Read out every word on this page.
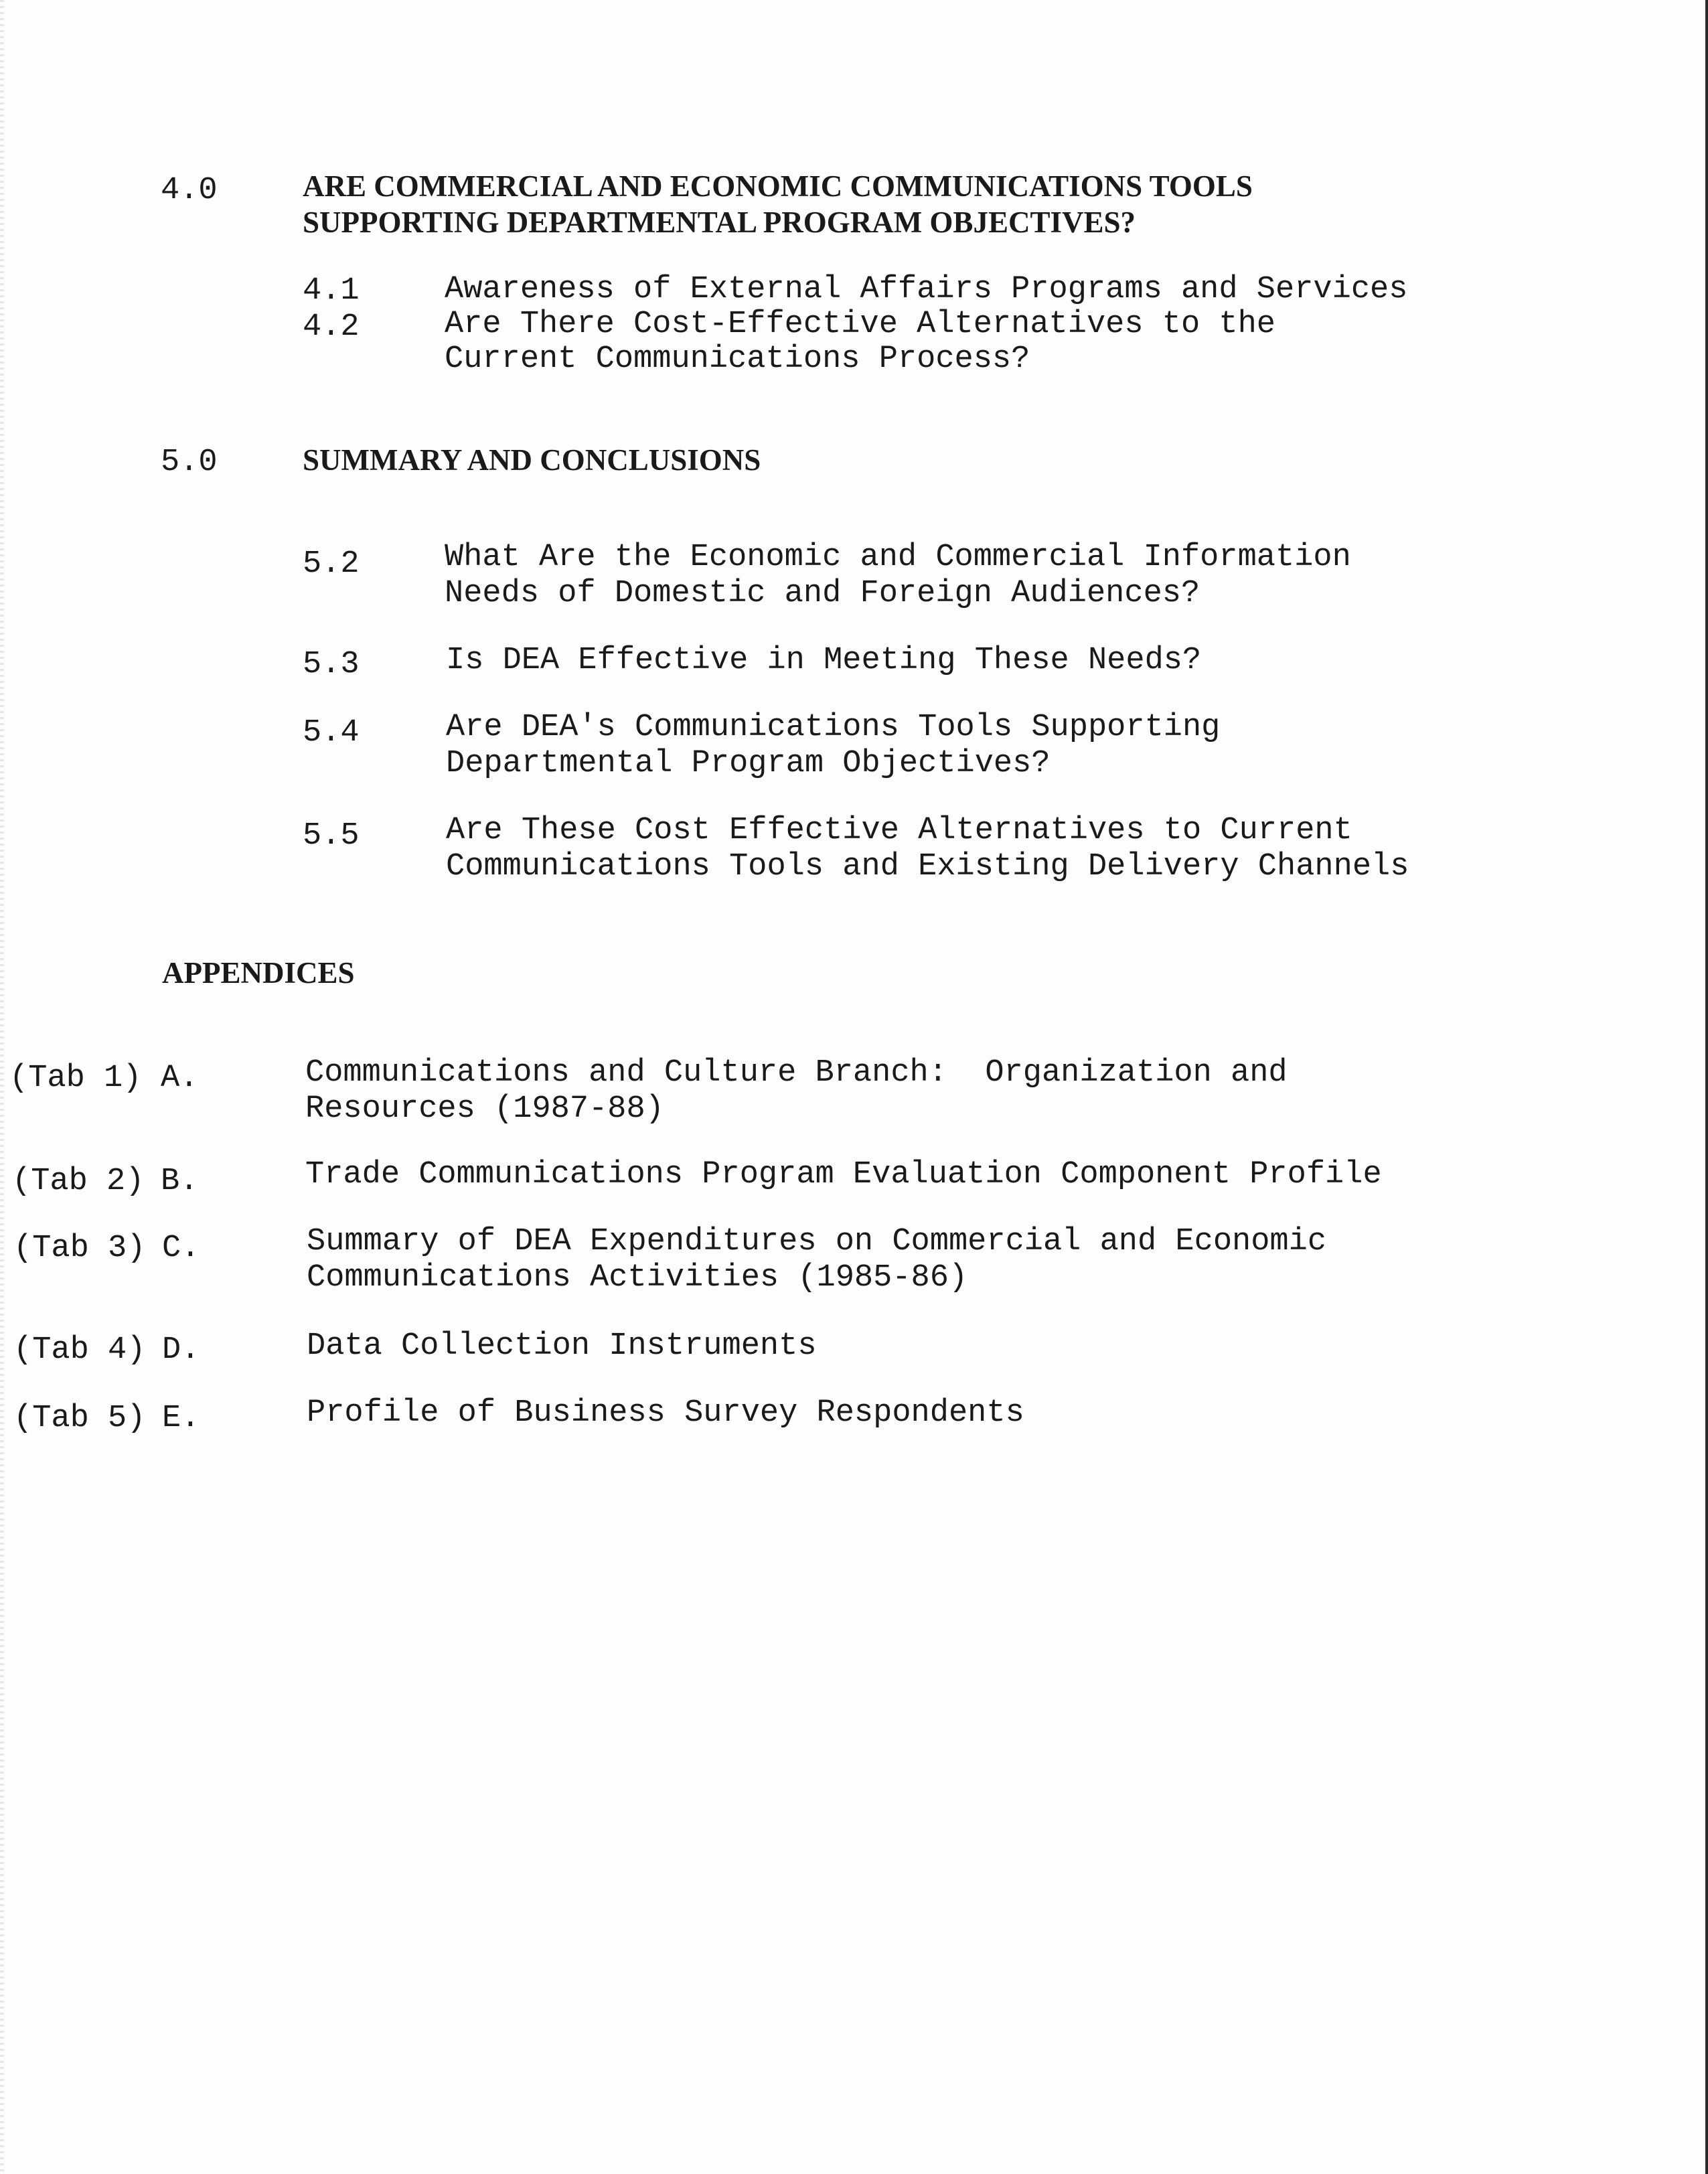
4.0	ARE COMMERCIAL AND ECONOMIC COMMUNICATIONS TOOLS
SUPPORTING DEPARTMENTAL PROGRAM OBJECTIVES?
4.1	Awareness of External Affairs Programs and Services
4.2	Are There Cost-Effective Alternatives to the
Current Communications Process?
5.0	SUMMARY AND CONCLUSIONS
5.2	What Are the Economic and Commercial Information
Needs of Domestic and Foreign Audiences?
5.3	Is DEA Effective in Meeting These Needs?
5.4	Are DEA's Communications Tools Supporting
Departmental Program Objectives?
5.5	Are These Cost Effective Alternatives to Current
Communications Tools and Existing Delivery Channels
APPENDICES
(Tab 1) A.	Communications and Culture Branch:  Organization and
Resources (1987-88)
(Tab 2) B.	Trade Communications Program Evaluation Component Profile
(Tab 3) C.	Summary of DEA Expenditures on Commercial and Economic
Communications Activities (1985-86)
(Tab 4) D.	Data Collection Instruments
(Tab 5) E.	Profile of Business Survey Respondents
